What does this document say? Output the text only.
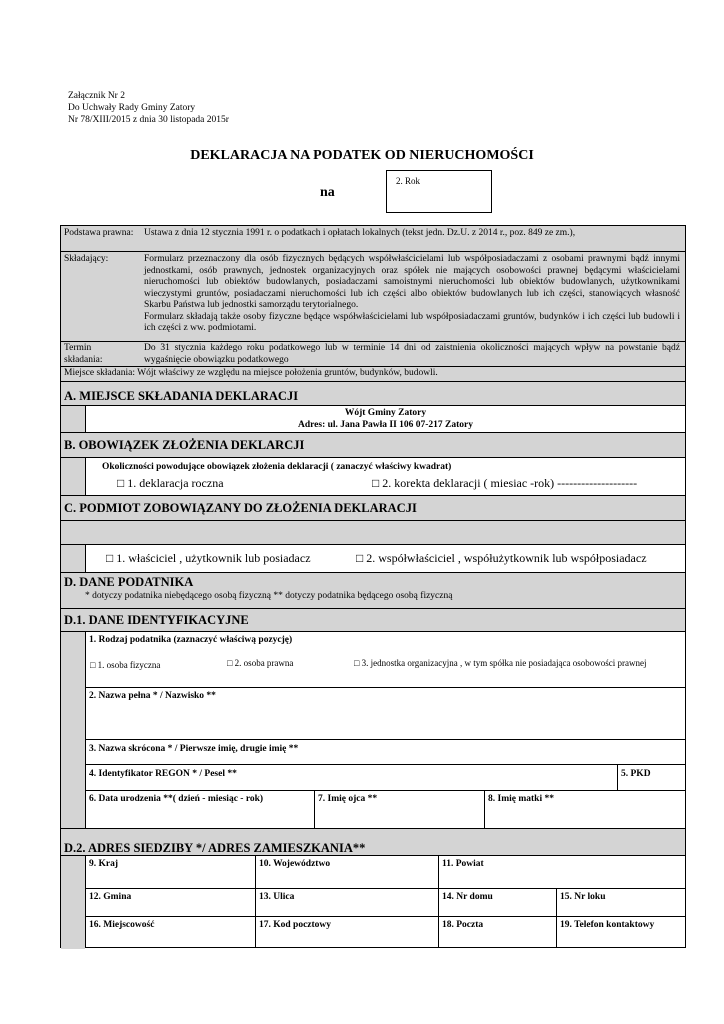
Załącznik Nr 2
Do Uchwały Rady Gminy Zatory
Nr 78/XIII/2015 z dnia 30 listopada 2015r
DEKLARACJA NA PODATEK OD NIERUCHOMOŚCI
na
2. Rok
Podstawa prawna: Ustawa z dnia 12 stycznia 1991 r. o podatkach i opłatach lokalnych (tekst jedn. Dz.U. z 2014 r., poz. 849 ze zm.),
Składający:	Formularz przeznaczony dla osób fizycznych będących współwłaścicielami lub współposiadaczami z osobami prawnymi bądź innymi jednostkami, osób prawnych, jednostek organizacyjnych oraz spółek nie mających osobowości prawnej będącymi właścicielami nieruchomości lub obiektów budowlanych, posiadaczami samoistnymi nieruchomości lub obiektów budowlanych, użytkownikami wieczystymi gruntów, posiadaczami nieruchomości lub ich części albo obiektów budowlanych lub ich części, stanowiących własność Skarbu Państwa lub jednostki samorządu terytorialnego.
Formularz składają także osoby fizyczne będące współwłaścicielami lub współposiadaczami gruntów, budynków i ich części lub budowli i ich części z ww. podmiotami.
Termin składania:
Do 31 stycznia każdego roku podatkowego lub w terminie 14 dni od zaistnienia okoliczności mających wpływ na powstanie bądź wygaśnięcie obowiązku podatkowego
Miejsce składania: Wójt właściwy ze względu na miejsce położenia gruntów, budynków, budowli.
A. MIEJSCE SKŁADANIA DEKLARACJI
Wójt Gminy Zatory
Adres: ul. Jana Pawła II 106 07-217 Zatory
B. OBOWIĄZEK ZŁOŻENIA DEKLARCJI
Okoliczności powodujące obowiązek złożenia deklaracji ( zanaczyć właściwy kwadrat)
□ 1. deklaracja roczna	□ 2. korekta deklaracji ( miesiac -rok) --------------------
C. PODMIOT ZOBOWIĄZANY DO ZŁOŻENIA DEKLARACJI
□ 1. właściciel , użytkownik lub posiadacz	□ 2. współwłaściciel , współużytkownik lub współposiadacz
D. DANE PODATNIKA
* dotyczy podatnika niebędącego osobą fizyczną ** dotyczy podatnika będącego osobą fizyczną
D.1. DANE IDENTYFIKACYJNE
1. Rodzaj podatnika (zaznaczyć właściwą pozycję)
□ 1. osoba fizyczna	□ 2. osoba prawna	□ 3. jednostka organizacyjna , w tym spółka nie posiadająca osobowości prawnej
2. Nazwa pełna * / Nazwisko **
3. Nazwa skrócona * / Pierwsze imię, drugie imię **
4. Identyfikator REGON * / Pesel **	5. PKD
6. Data urodzenia **( dzień - miesiąc - rok)	7. Imię ojca **	8. Imię matki **
D.2. ADRES SIEDZIBY */ ADRES ZAMIESZKANIA**
9. Kraj	10. Województwo	11. Powiat
12. Gmina	13. Ulica	14. Nr domu	15. Nr loku
16. Miejscowość	17. Kod pocztowy	18. Poczta	19. Telefon kontaktowy
